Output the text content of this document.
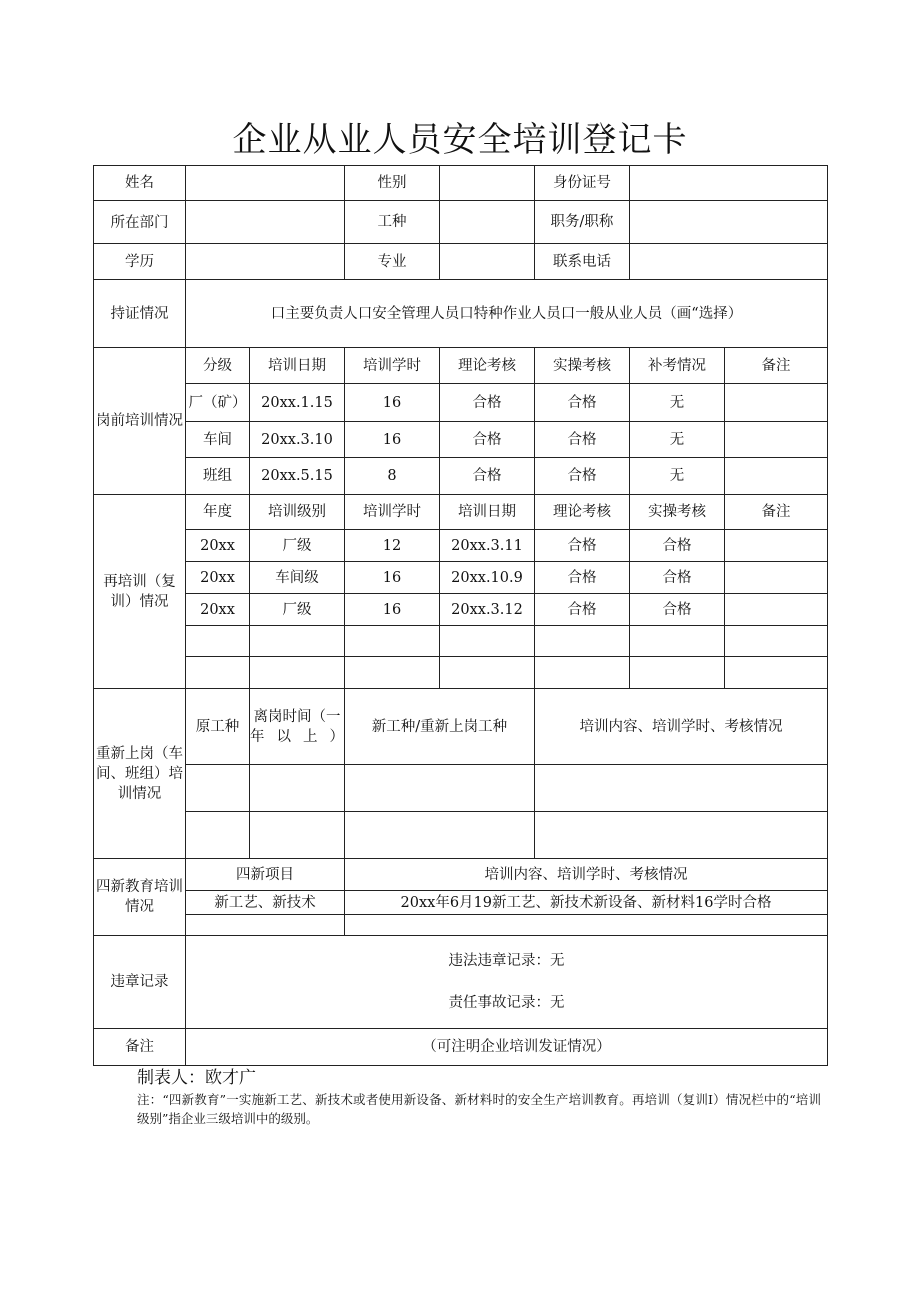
企业从业人员安全培训登记卡
姓名			性别		身份证号		
所在部门			工种		职务/职称		
学历			专业		联系电话		
持证情况	口主要负责人口安全管理人员口特种作业人员口一般从业人员（画“选择）						
岗前培训情况	分级	培训日期	培训学时	理论考核	实操考核	补考情况	备注
	厂（矿）	20xx.1.15	16	合格	合格	无	
	车间	20xx.3.10	16	合格	合格	无	
	班组	20xx.5.15	8	合格	合格	无	
再培训（复训）情况	年度	培训级别	培训学时	培训日期	理论考核	实操考核	备注
	20xx	厂级	12	20xx.3.11	合格	合格	
	20xx	车间级	16	20xx.10.9	合格	合格	
	20xx	厂级	16	20xx.3.12	合格	合格	

重新上岗（车间、班组）培训情况	原工种	离岗时间（一年以上）	新工种/重新上岗工种		培训内容、培训学时、考核情况		

四新教育培训情况	四新项目		培训内容、培训学时、考核情况				
	新工艺、新技术		20xx年6月19新工艺、新技术新设备、新材料16学时合格				

违章记录	违法违章记录：无
责任事故记录：无						

备注	（可注明企业培训发证情况）						
制表人：欧才广
注：“四新教育”一实施新工艺、新技术或者使用新设备、新材料时的安全生产培训教育。再培训（复训I）情况栏中的“培训级别”指企业三级培训中的级别。
